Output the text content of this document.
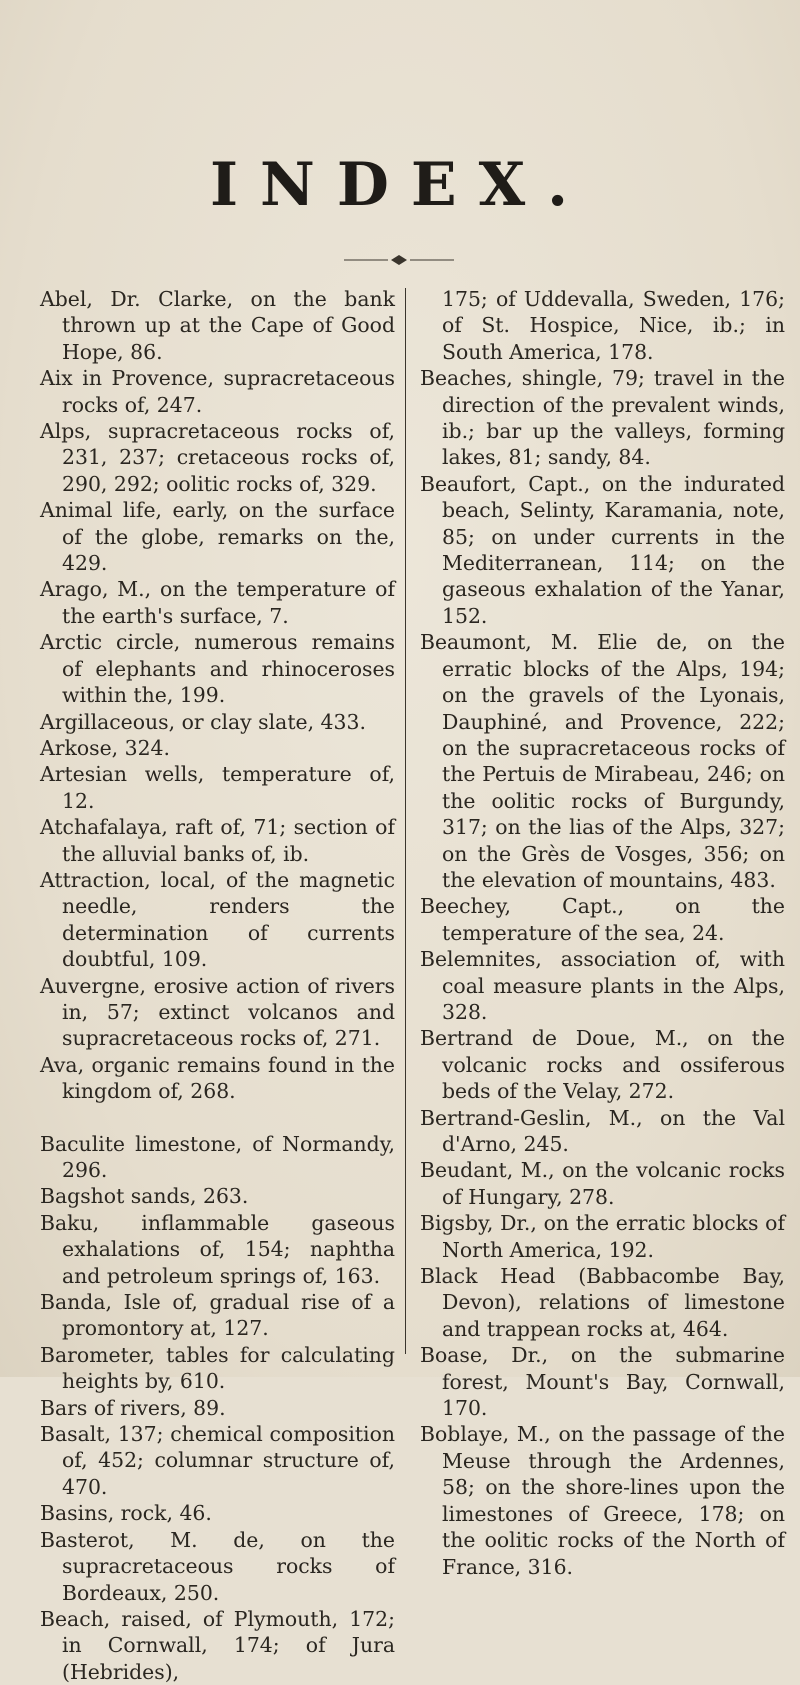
INDEX.
Abel, Dr. Clarke, on the bank thrown up at the Cape of Good Hope, 86.
Aix in Provence, supracretaceous rocks of, 247.
Alps, supracretaceous rocks of, 231, 237; cretaceous rocks of, 290, 292; oolitic rocks of, 329.
Animal life, early, on the surface of the globe, remarks on the, 429.
Arago, M., on the temperature of the earth's surface, 7.
Arctic circle, numerous remains of elephants and rhinoceroses within the, 199.
Argillaceous, or clay slate, 433.
Arkose, 324.
Artesian wells, temperature of, 12.
Atchafalaya, raft of, 71; section of the alluvial banks of, ib.
Attraction, local, of the magnetic needle, renders the determination of currents doubtful, 109.
Auvergne, erosive action of rivers in, 57; extinct volcanos and supracretaceous rocks of, 271.
Ava, organic remains found in the kingdom of, 268.
Baculite limestone, of Normandy, 296.
Bagshot sands, 263.
Baku, inflammable gaseous exhalations of, 154; naphtha and petroleum springs of, 163.
Banda, Isle of, gradual rise of a promontory at, 127.
Barometer, tables for calculating heights by, 610.
Bars of rivers, 89.
Basalt, 137; chemical composition of, 452; columnar structure of, 470.
Basins, rock, 46.
Basterot, M. de, on the supracretaceous rocks of Bordeaux, 250.
Beach, raised, of Plymouth, 172; in Cornwall, 174; of Jura (Hebrides),
175; of Uddevalla, Sweden, 176; of St. Hospice, Nice, ib.; in South America, 178.
Beaches, shingle, 79; travel in the direction of the prevalent winds, ib.; bar up the valleys, forming lakes, 81; sandy, 84.
Beaufort, Capt., on the indurated beach, Selinty, Karamania, note, 85; on under currents in the Mediterranean, 114; on the gaseous exhalation of the Yanar, 152.
Beaumont, M. Elie de, on the erratic blocks of the Alps, 194; on the gravels of the Lyonais, Dauphiné, and Provence, 222; on the supracretaceous rocks of the Pertuis de Mirabeau, 246; on the oolitic rocks of Burgundy, 317; on the lias of the Alps, 327; on the Grès de Vosges, 356; on the elevation of mountains, 483.
Beechey, Capt., on the temperature of the sea, 24.
Belemnites, association of, with coal measure plants in the Alps, 328.
Bertrand de Doue, M., on the volcanic rocks and ossiferous beds of the Velay, 272.
Bertrand-Geslin, M., on the Val d'Arno, 245.
Beudant, M., on the volcanic rocks of Hungary, 278.
Bigsby, Dr., on the erratic blocks of North America, 192.
Black Head (Babbacombe Bay, Devon), relations of limestone and trappean rocks at, 464.
Boase, Dr., on the submarine forest, Mount's Bay, Cornwall, 170.
Boblaye, M., on the passage of the Meuse through the Ardennes, 58; on the shore-lines upon the limestones of Greece, 178; on the oolitic rocks of the North of France, 316.
